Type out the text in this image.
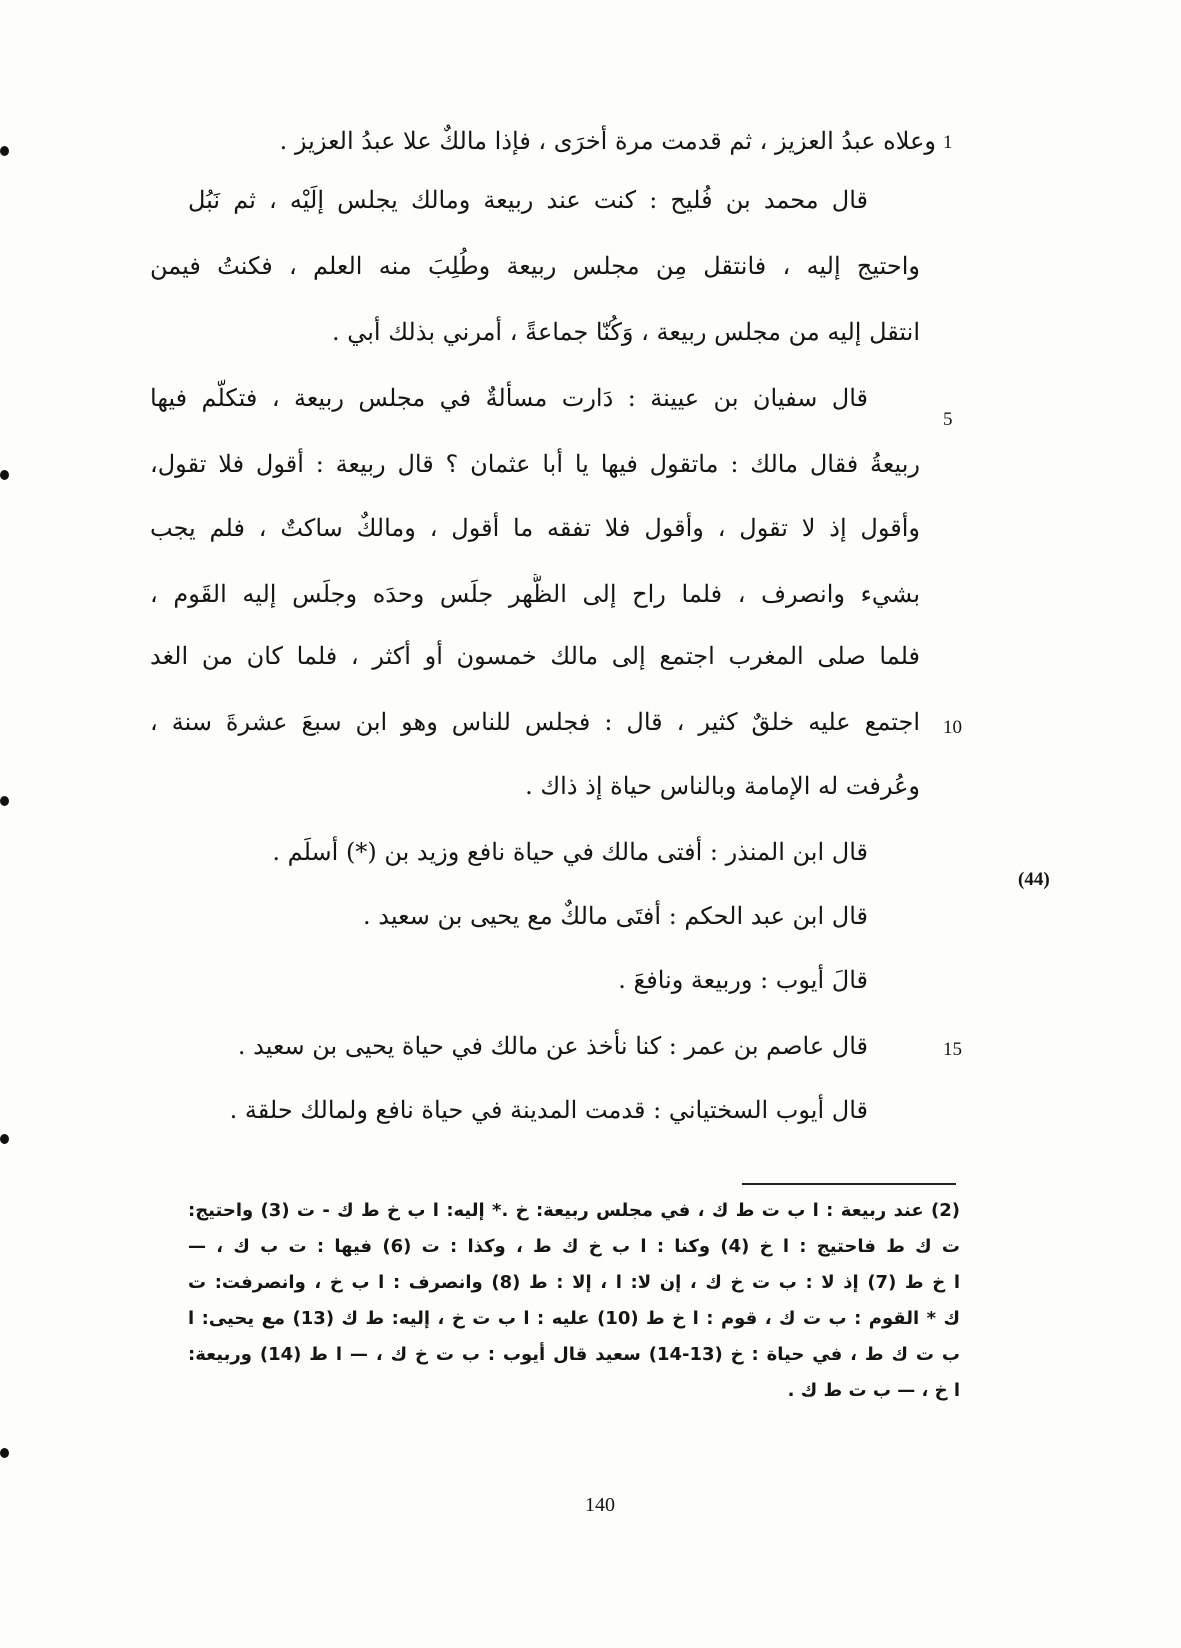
وعلاه عبدُ العزيز ، ثم قدمت مرة أخرَى ، فإذا مالكٌ علا عبدُ العزيز .
قال محمد بن فُليح : كنت عند ربيعة ومالك يجلس إلَيْه ، ثم نَبُل
واحتيج إليه ، فانتقل مِن مجلس ربيعة وطُلِبَ منه العلم ، فكنتُ فيمن
انتقل إليه من مجلس ربيعة ، وَكُنّا جماعةً ، أمرني بذلك أبي .
قال سفيان بن عيينة : دَارت مسألةٌ في مجلس ربيعة ، فتكلّم فيها
ربيعةُ فقال مالك : ماتقول فيها يا أبا عثمان ؟ قال ربيعة : أقول فلا تقول،
وأقول إذ لا تقول ، وأقول فلا تفقه ما أقول ، ومالكٌ ساكتٌ ، فلم يجب
بشيء وانصرف ، فلما راح إلى الظُّهر جلَس وحدَه وجلَس إليه القَوم ،
فلما صلى المغرب اجتمع إلى مالك خمسون أو أكثر ، فلما كان من الغد
اجتمع عليه خلقٌ كثير ، قال : فجلس للناس وهو ابن سبعَ عشرةَ سنة ،
وعُرفت له الإمامة وبالناس حياة إذ ذاك .
قال ابن المنذر : أفتى مالك في حياة نافع وزيد بن (*) أسلَم .
قال ابن عبد الحكم : أفتَى مالكٌ مع يحيى بن سعيد .
قالَ أيوب : وربيعة ونافعَ .
قال عاصم بن عمر : كنا نأخذ عن مالك في حياة يحيى بن سعيد .
قال أيوب السختياني : قدمت المدينة في حياة نافع ولمالك حلقة .
1
5
10
15
(44)
(2) عند ربيعة : ا ب ت ط ك ، في مجلس ربيعة: خ .* إليه: ا ب خ ط ك - ت (3) واحتيج:
ت ك ط فاحتيج : ا خ (4) وكنا : ا ب خ ك ط ، وكذا : ت (6) فيها : ت ب ك ، —
ا خ ط (7) إذ لا : ب ت خ ك ، إن لا: ا ، إلا : ط (8) وانصرف : ا ب خ ، وانصرفت: ت
ك * القوم : ب ت ك ، قوم : ا خ ط (10) عليه : ا ب ت خ ، إليه: ط ك (13) مع يحيى: ا
ب ت ك ط ، في حياة : خ (13-14) سعيد قال أيوب : ب ت خ ك ، — ا ط (14) وربيعة:
ا خ ، — ب ت ط ك .
140
